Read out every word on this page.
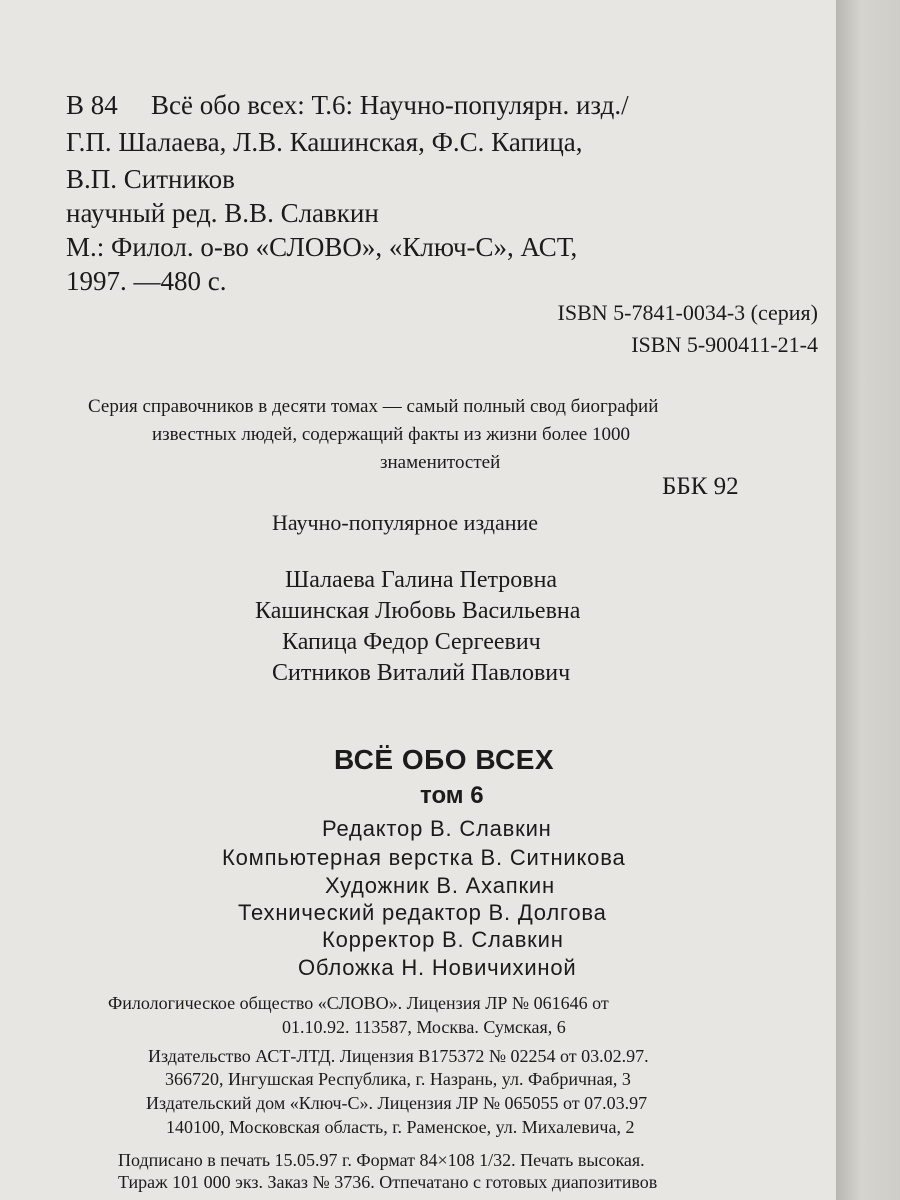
В 84 Всё обо всех: Т.6: Научно-популярн. изд./
Г.П. Шалаева, Л.В. Кашинская, Ф.С. Капица,
В.П. Ситников
научный ред. В.В. Славкин
М.: Филол. о-во «СЛОВО», «Ключ-С», АСТ,
1997. —480 с.
ISBN 5-7841-0034-3 (серия)
ISBN 5-900411-21-4
Серия справочников в десяти томах — самый полный свод биографий
известных людей, содержащий факты из жизни более 1000
знаменитостей
ББК 92
Научно-популярное издание
Шалаева Галина Петровна
Кашинская Любовь Васильевна
Капица Федор Сергеевич
Ситников Виталий Павлович
ВСЁ ОБО ВСЕХ
том 6
Редактор В. Славкин
Компьютерная верстка В. Ситникова
Художник В. Ахапкин
Технический редактор В. Долгова
Корректор В. Славкин
Обложка Н. Новичихиной
Филологическое общество «СЛОВО». Лицензия ЛР № 061646 от
01.10.92. 113587, Москва. Сумская, 6
Издательство АСТ-ЛТД. Лицензия В175372 № 02254 от 03.02.97.
366720, Ингушская Республика, г. Назрань, ул. Фабричная, 3
Издательский дом «Ключ-С». Лицензия ЛР № 065055 от 07.03.97
140100, Московская область, г. Раменское, ул. Михалевича, 2
Подписано в печать 15.05.97 г. Формат 84×108 1/32. Печать высокая.
Тираж 101 000 экз. Заказ № 3736. Отпечатано с готовых диапозитивов
